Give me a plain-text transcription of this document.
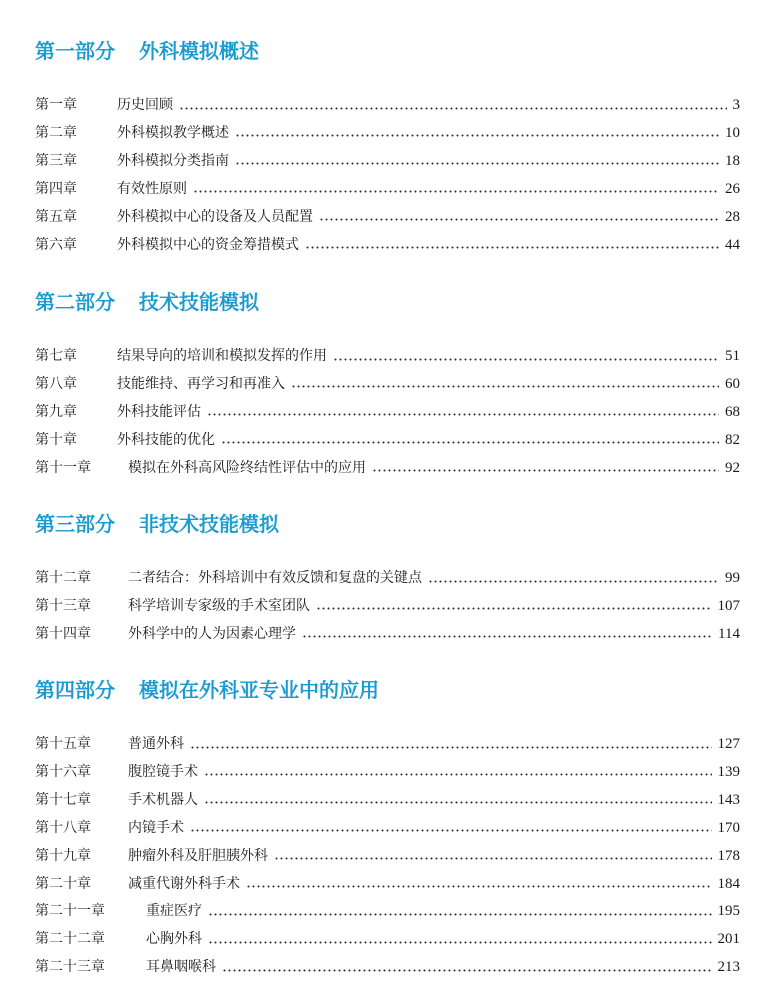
第一部分 外科模拟概述
第一章	历史回顾	3
第二章	外科模拟教学概述	10
第三章	外科模拟分类指南	18
第四章	有效性原则	26
第五章	外科模拟中心的设备及人员配置	28
第六章	外科模拟中心的资金筹措模式	44
第二部分 技术技能模拟
第七章	结果导向的培训和模拟发挥的作用	51
第八章	技能维持、再学习和再准入	60
第九章	外科技能评估	68
第十章	外科技能的优化	82
第十一章	模拟在外科高风险终结性评估中的应用	92
第三部分 非技术技能模拟
第十二章	二者结合：外科培训中有效反馈和复盘的关键点	99
第十三章	科学培训专家级的手术室团队	107
第十四章	外科学中的人为因素心理学	114
第四部分 模拟在外科亚专业中的应用
第十五章	普通外科	127
第十六章	腹腔镜手术	139
第十七章	手术机器人	143
第十八章	内镜手术	170
第十九章	肿瘤外科及肝胆胰外科	178
第二十章	减重代谢外科手术	184
第二十一章	重症医疗	195
第二十二章	心胸外科	201
第二十三章	耳鼻咽喉科	213
